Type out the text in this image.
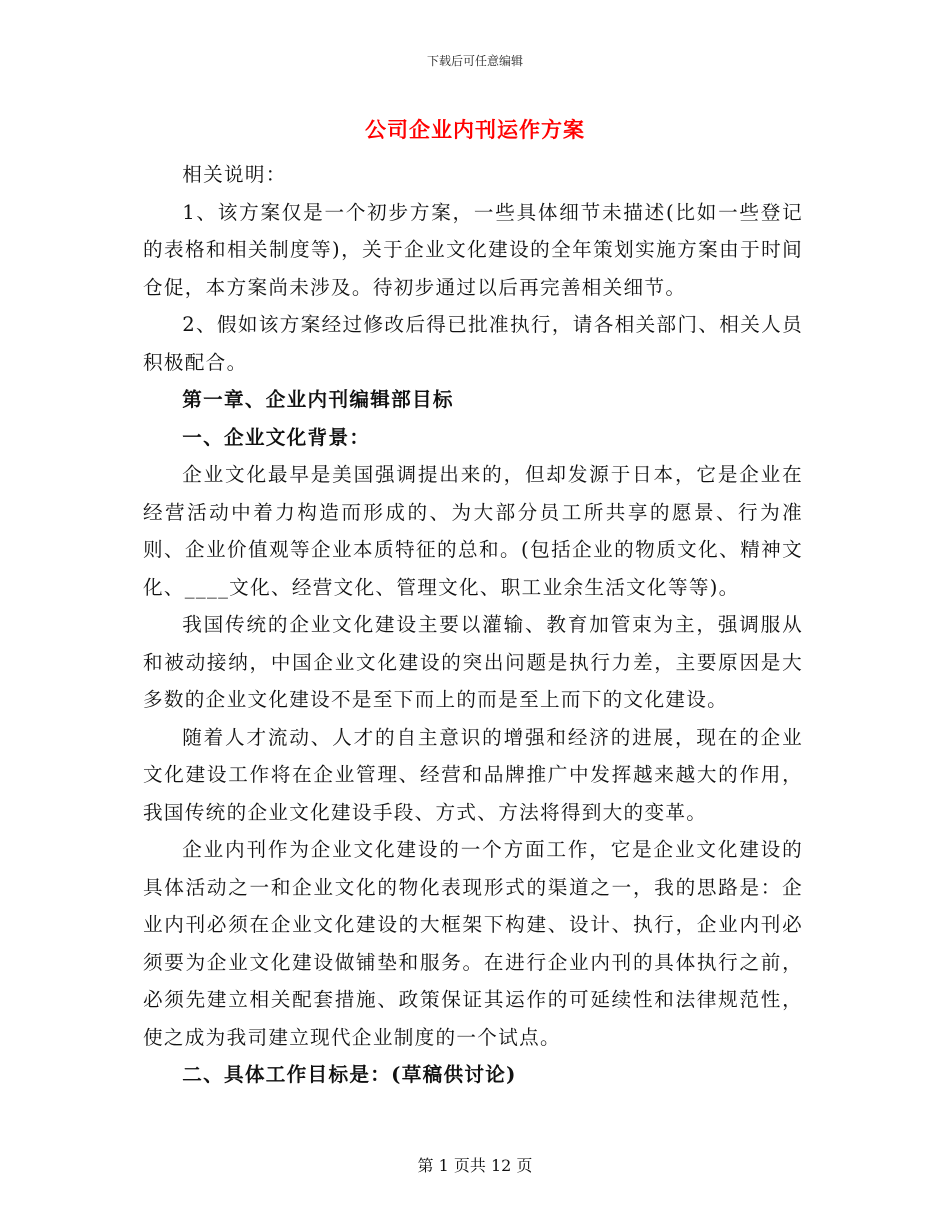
下载后可任意编辑
公司企业内刊运作方案

相关说明：

1、该方案仅是一个初步方案，一些具体细节未描述(比如一些登记的表格和相关制度等)，关于企业文化建设的全年策划实施方案由于时间仓促，本方案尚未涉及。待初步通过以后再完善相关细节。

2、假如该方案经过修改后得已批准执行，请各相关部门、相关人员积极配合。

第一章、企业内刊编辑部目标

一、企业文化背景：

企业文化最早是美国强调提出来的，但却发源于日本，它是企业在经营活动中着力构造而形成的、为大部分员工所共享的愿景、行为准则、企业价值观等企业本质特征的总和。(包括企业的物质文化、精神文化、____文化、经营文化、管理文化、职工业余生活文化等等)。

我国传统的企业文化建设主要以灌输、教育加管束为主，强调服从和被动接纳，中国企业文化建设的突出问题是执行力差，主要原因是大多数的企业文化建设不是至下而上的而是至上而下的文化建设。

随着人才流动、人才的自主意识的增强和经济的进展，现在的企业文化建设工作将在企业管理、经营和品牌推广中发挥越来越大的作用，我国传统的企业文化建设手段、方式、方法将得到大的变革。

企业内刊作为企业文化建设的一个方面工作，它是企业文化建设的具体活动之一和企业文化的物化表现形式的渠道之一，我的思路是：企业内刊必须在企业文化建设的大框架下构建、设计、执行，企业内刊必须要为企业文化建设做铺垫和服务。在进行企业内刊的具体执行之前，必须先建立相关配套措施、政策保证其运作的可延续性和法律规范性，使之成为我司建立现代企业制度的一个试点。

二、具体工作目标是：(草稿供讨论)

第 1 页共 12 页
